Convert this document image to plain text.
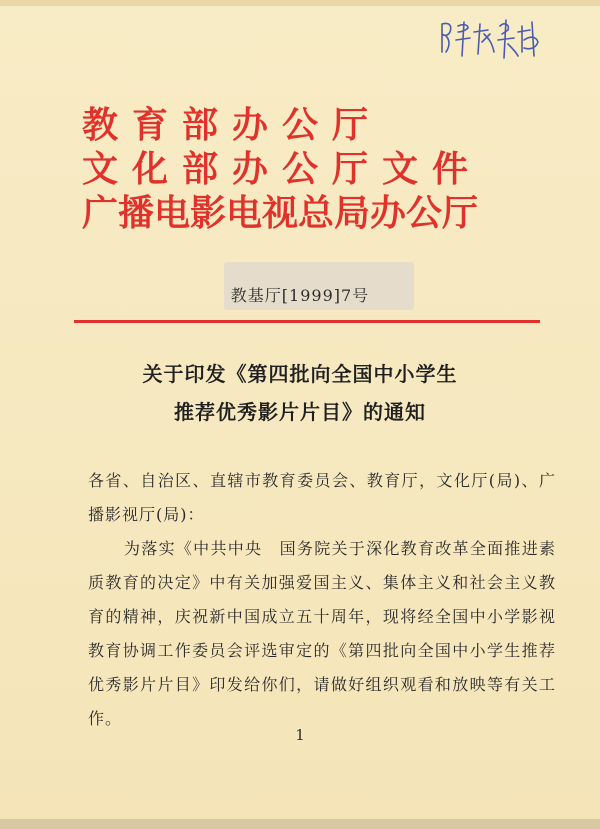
教育部办公厅
文化部办公厅文件
广播电影电视总局办公厅
教基厅[1999]7号
关于印发《第四批向全国中小学生
推荐优秀影片片目》的通知

各省、自治区、直辖市教育委员会、教育厅，文化厅(局)、广播影视厅(局)：

为落实《中共中央　国务院关于深化教育改革全面推进素质教育的决定》中有关加强爱国主义、集体主义和社会主义教育的精神，庆祝新中国成立五十周年，现将经全国中小学影视教育协调工作委员会评选审定的《第四批向全国中小学生推荐优秀影片片目》印发给你们，请做好组织观看和放映等有关工作。

1
